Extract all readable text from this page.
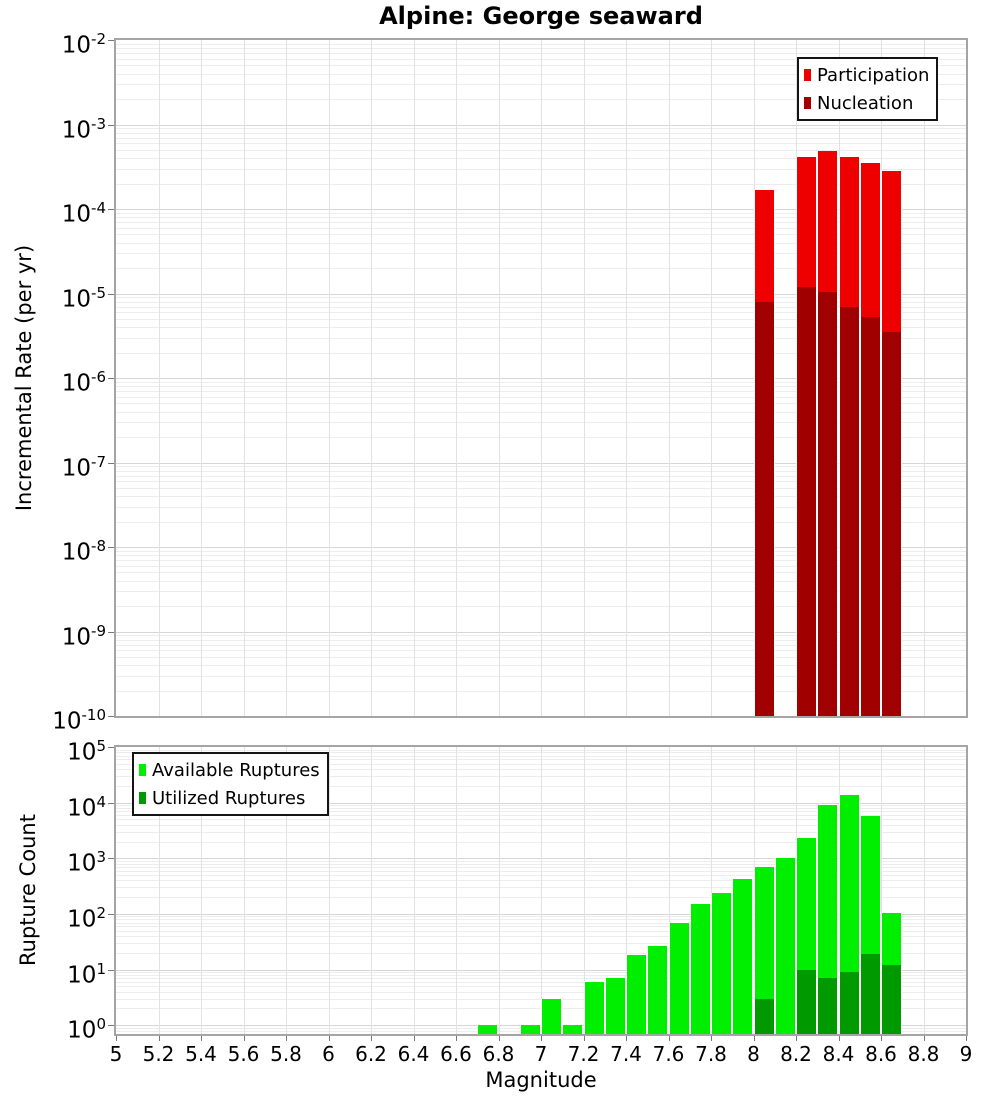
Alpine: George seaward
Incremental Rate (per yr)
Rupture Count
Magnitude
Participation
Nucleation
Available Ruptures
Utilized Ruptures
$10^{-2}$
$10^{-3}$
$10^{-4}$
$10^{-5}$
$10^{-6}$
$10^{-7}$
$10^{-8}$
$10^{-9}$
$10^{-10}$
$10^5$
$10^4$
$10^3$
$10^2$
$10^1$
$10^0$
5	5.2 5.4 5.6 5.8	6	6.2 6.4 6.6 6.8	7	7.2 7.4 7.6 7.8	8	8.2 8.4 8.6 8.8	9
